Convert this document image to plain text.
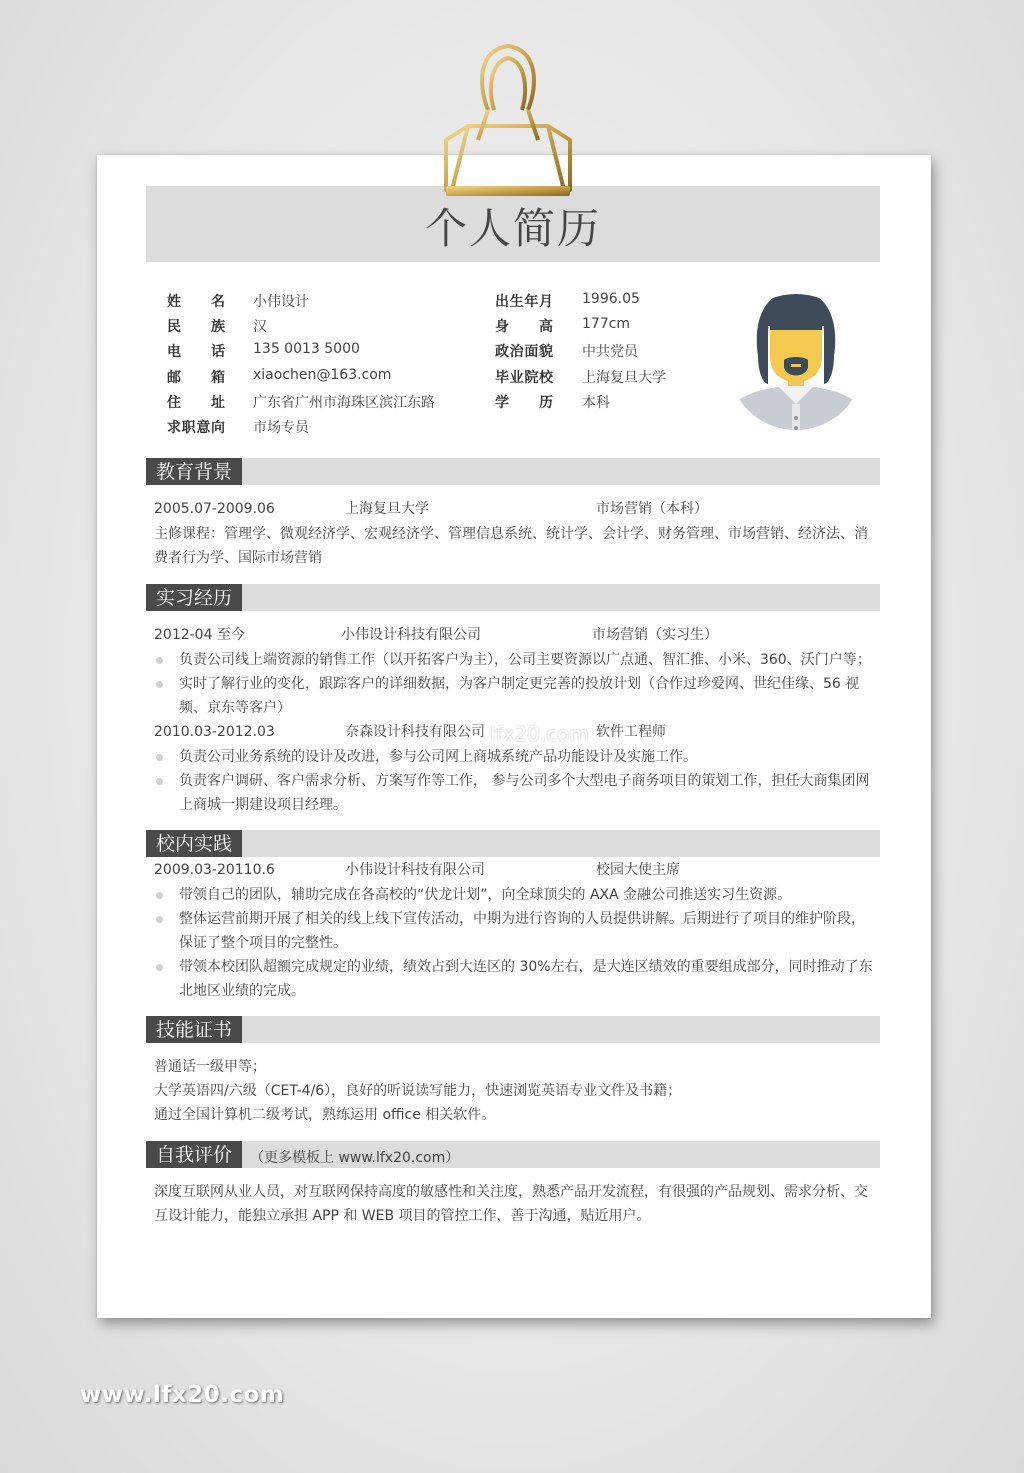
个人简历
姓名 小伟设计
民族 汉
电话 135 0013 5000
邮箱 xiaochen@163.com
住址 广东省广州市海珠区滨江东路
求职意向 市场专员
出生年月 1996.05
身高 177cm
政治面貌 中共党员
毕业院校 上海复旦大学
学历 本科
教育背景
2005.07-2009.06	上海复旦大学	市场营销（本科）
主修课程：管理学、微观经济学、宏观经济学、管理信息系统、统计学、会计学、财务管理、市场营销、经济法、消费者行为学、国际市场营销
实习经历
2012-04 至今	小伟设计科技有限公司	市场营销（实习生）
负责公司线上端资源的销售工作（以开拓客户为主），公司主要资源以广点通、智汇推、小米、360、沃门户等；
实时了解行业的变化，跟踪客户的详细数据，为客户制定更完善的投放计划（合作过珍爱网、世纪佳缘、56 视频、京东等客户）
2010.03-2012.03	奈森设计科技有限公司	软件工程师
负责公司业务系统的设计及改进，参与公司网上商城系统产品功能设计及实施工作。
负责客户调研、客户需求分析、方案写作等工作， 参与公司多个大型电子商务项目的策划工作，担任大商集团网上商城一期建设项目经理。
校内实践
2009.03-20110.6	小伟设计科技有限公司	校园大使主席
带领自己的团队，辅助完成在各高校的“伏龙计划”，向全球顶尖的 AXA 金融公司推送实习生资源。
整体运营前期开展了相关的线上线下宣传活动，中期为进行咨询的人员提供讲解。后期进行了项目的维护阶段，保证了整个项目的完整性。
带领本校团队超额完成规定的业绩，绩效占到大连区的 30%左右，是大连区绩效的重要组成部分，同时推动了东北地区业绩的完成。
技能证书
普通话一级甲等；
大学英语四/六级（CET-4/6），良好的听说读写能力，快速浏览英语专业文件及书籍；
通过全国计算机二级考试，熟练运用 office 相关软件。
自我评价	（更多模板上 www.lfx20.com）
深度互联网从业人员，对互联网保持高度的敏感性和关注度，熟悉产品开发流程，有很强的产品规划、需求分析、交互设计能力，能独立承担 APP 和 WEB 项目的管控工作，善于沟通，贴近用户。
lfx20.com
www.lfx20.com
